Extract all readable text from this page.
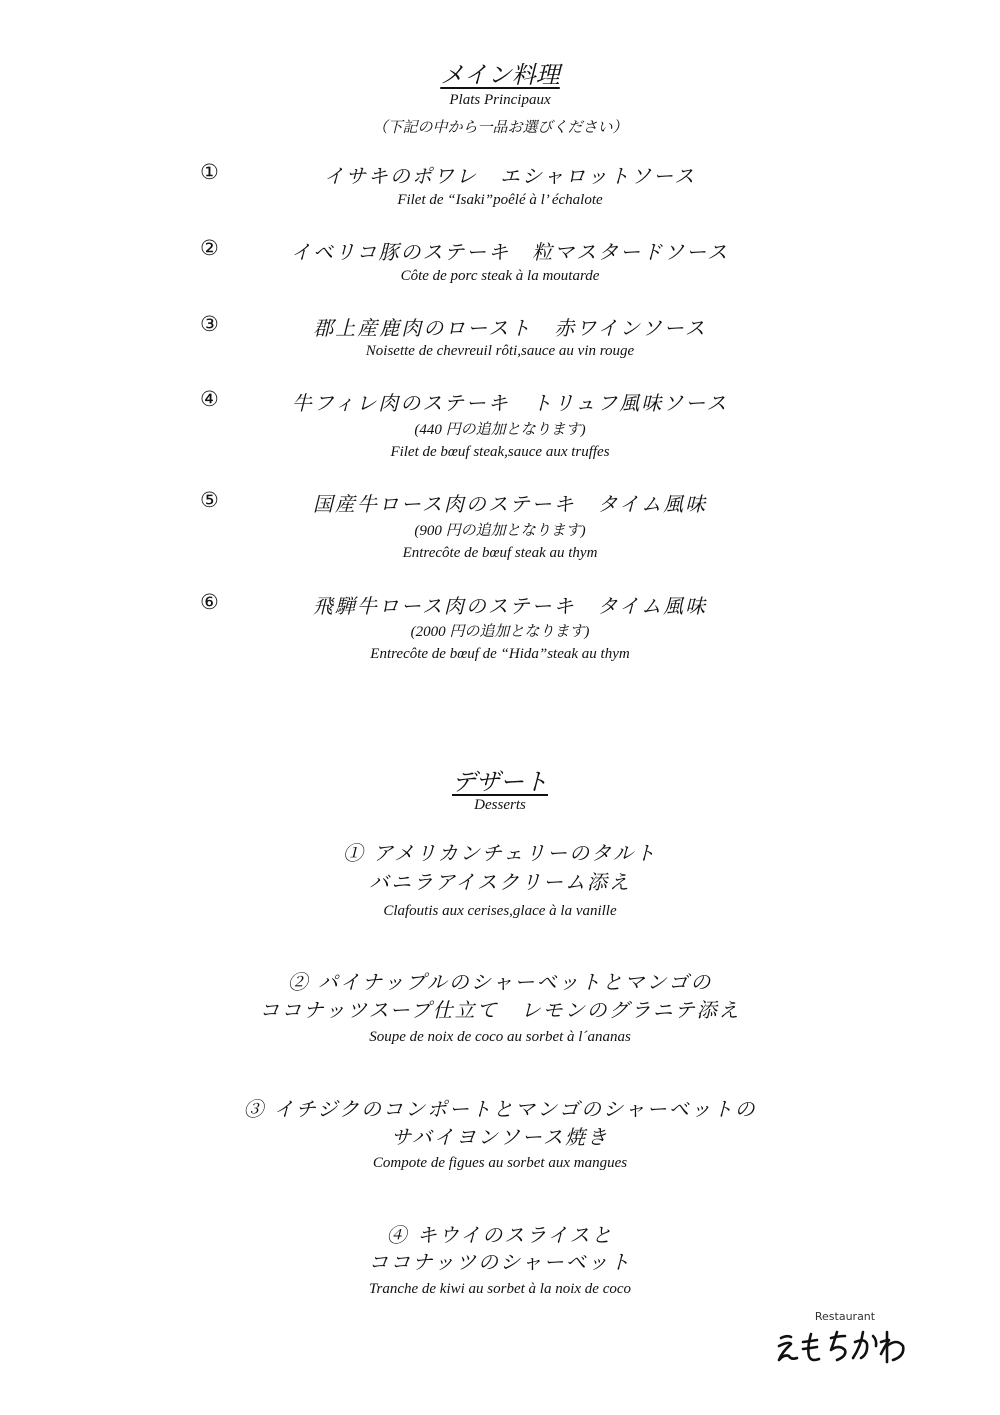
メイン料理
Plats Principaux
（下記の中から一品お選びください）
①	イサキのポワレ　エシャロットソース
Filet de “Isaki”poêlé à l’ échalote
②	イベリコ豚のステーキ　粒マスタードソース
Côte de porc steak à la moutarde
③	郡上産鹿肉のロースト　赤ワインソース
Noisette de chevreuil rôti,sauce au vin rouge
④	牛フィレ肉のステーキ　トリュフ風味ソース
(440 円の追加となります)
Filet de bœuf steak,sauce aux truffes
⑤	国産牛ロース肉のステーキ　タイム風味
(900 円の追加となります)
Entrecôte de bœuf steak au thym
⑥	飛騨牛ロース肉のステーキ　タイム風味
(2000 円の追加となります)
Entrecôte de bœuf de “Hida”steak au thym
デザート
Desserts
① アメリカンチェリーのタルト
バニラアイスクリーム添え
Clafoutis aux cerises,glace à la vanille
② パイナップルのシャーベットとマンゴの
ココナッツスープ仕立て　レモンのグラニテ添え
Soupe de noix de coco au sorbet à l´ananas
③ イチジクのコンポートとマンゴのシャーベットの
サバイヨンソース焼き
Compote de figues au sorbet aux mangues
④ キウイのスライスと
ココナッツのシャーベット
Tranche de kiwi au sorbet à la noix de coco
Restaurant
